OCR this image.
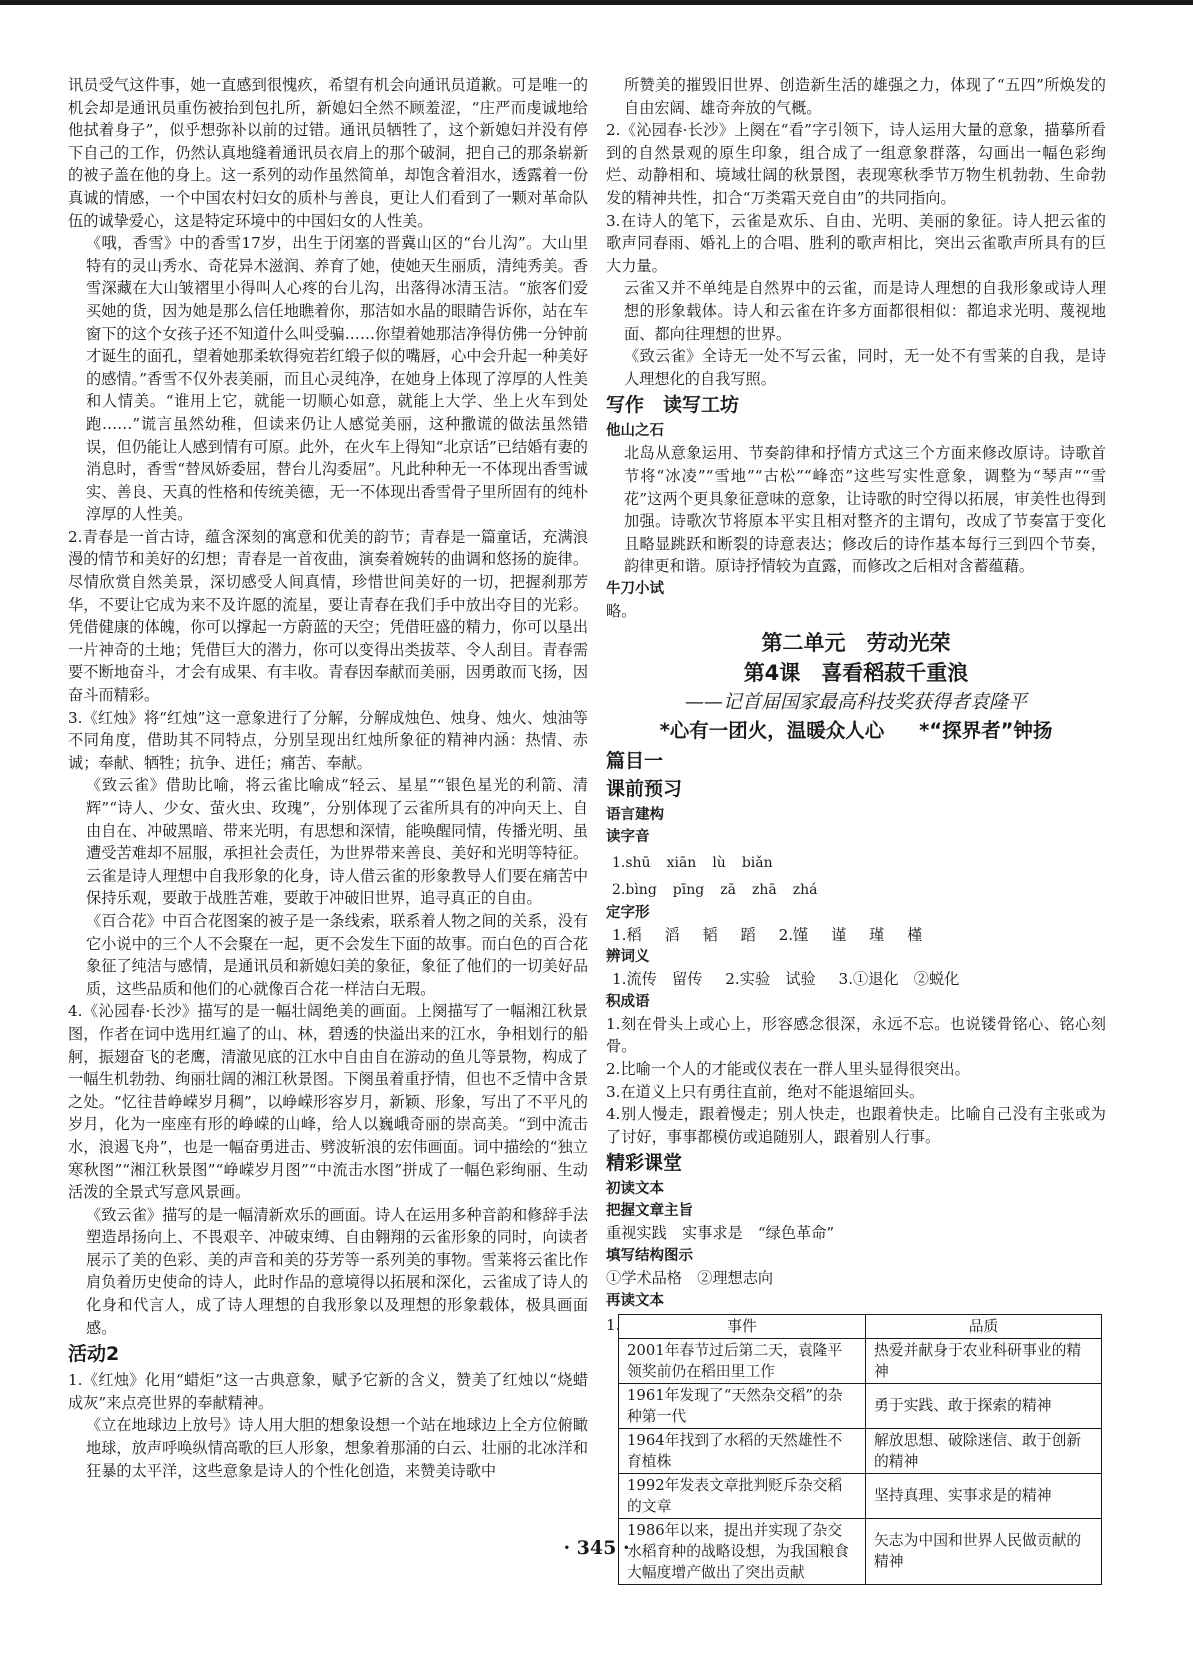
讯员受气这件事，她一直感到很愧疚，希望有机会向通讯员道歉。可是唯一的机会却是通讯员重伤被抬到包扎所，新媳妇全然不顾羞涩，“庄严而虔诚地给他拭着身子”，似乎想弥补以前的过错。通讯员牺牲了，这个新媳妇并没有停下自己的工作，仍然认真地缝着通讯员衣肩上的那个破洞，把自己的那条崭新的被子盖在他的身上。这一系列的动作虽然简单，却饱含着泪水，透露着一份真诚的情感，一个中国农村妇女的质朴与善良，更让人们看到了一颗对革命队伍的诚挚爱心，这是特定环境中的中国妇女的人性美。

《哦，香雪》中的香雪17岁，出生于闭塞的晋冀山区的“台儿沟”。大山里特有的灵山秀水、奇花异木滋润、养育了她，使她天生丽质，清纯秀美。香雪深藏在大山皱褶里小得叫人心疼的台儿沟，出落得冰清玉洁。“旅客们爱买她的货，因为她是那么信任地瞧着你，那洁如水晶的眼睛告诉你，站在车窗下的这个女孩子还不知道什么叫受骗……你望着她那洁净得仿佛一分钟前才诞生的面孔，望着她那柔软得宛若红缎子似的嘴唇，心中会升起一种美好的感情。”香雪不仅外表美丽，而且心灵纯净，在她身上体现了淳厚的人性美和人情美。“谁用上它，就能一切顺心如意，就能上大学、坐上火车到处跑……”谎言虽然幼稚，但读来仍让人感觉美丽，这种撒谎的做法虽然错误，但仍能让人感到情有可原。此外，在火车上得知“北京话”已结婚有妻的消息时，香雪“替凤娇委屈，替台儿沟委屈”。凡此种种无一不体现出香雪诚实、善良、天真的性格和传统美德，无一不体现出香雪骨子里所固有的纯朴淳厚的人性美。

2.青春是一首古诗，蕴含深刻的寓意和优美的韵节；青春是一篇童话，充满浪漫的情节和美好的幻想；青春是一首夜曲，演奏着婉转的曲调和悠扬的旋律。尽情欣赏自然美景，深切感受人间真情，珍惜世间美好的一切，把握刹那芳华，不要让它成为来不及许愿的流星，要让青春在我们手中放出夺目的光彩。凭借健康的体魄，你可以撑起一方蔚蓝的天空；凭借旺盛的精力，你可以垦出一片神奇的土地；凭借巨大的潜力，你可以变得出类拔萃、令人刮目。青春需要不断地奋斗，才会有成果、有丰收。青春因奉献而美丽，因勇敢而飞扬，因奋斗而精彩。

3.《红烛》将“红烛”这一意象进行了分解，分解成烛色、烛身、烛火、烛油等不同角度，借助其不同特点，分别呈现出红烛所象征的精神内涵：热情、赤诚；奉献、牺牲；抗争、进任；痛苦、奉献。

《致云雀》借助比喻，将云雀比喻成“轻云、星星”“银色星光的利箭、清辉”“诗人、少女、萤火虫、玫瑰”，分别体现了云雀所具有的冲向天上、自由自在、冲破黑暗、带来光明，有思想和深情，能唤醒同情，传播光明、虽遭受苦难却不屈服，承担社会责任，为世界带来善良、美好和光明等特征。云雀是诗人理想中自我形象的化身，诗人借云雀的形象教导人们要在痛苦中保持乐观，要敢于战胜苦难，要敢于冲破旧世界，追寻真正的自由。

《百合花》中百合花图案的被子是一条线索，联系着人物之间的关系，没有它小说中的三个人不会聚在一起，更不会发生下面的故事。而白色的百合花象征了纯洁与感情，是通讯员和新媳妇美的象征，象征了他们的一切美好品质，这些品质和他们的心就像百合花一样洁白无瑕。

4.《沁园春·长沙》描写的是一幅壮阔绝美的画面。上阕描写了一幅湘江秋景图，作者在词中选用红遍了的山、林，碧透的快溢出来的江水，争相划行的船舸，振翅奋飞的老鹰，清澈见底的江水中自由自在游动的鱼儿等景物，构成了一幅生机勃勃、绚丽壮阔的湘江秋景图。下阕虽着重抒情，但也不乏情中含景之处。“忆往昔峥嵘岁月稠”，以峥嵘形容岁月，新颖、形象，写出了不平凡的岁月，化为一座座有形的峥嵘的山峰，给人以巍峨奇丽的崇高美。“到中流击水，浪遏飞舟”，也是一幅奋勇进击、劈波斩浪的宏伟画面。词中描绘的“独立寒秋图”“湘江秋景图”“峥嵘岁月图”“中流击水图”拼成了一幅色彩绚丽、生动活泼的全景式写意风景画。

《致云雀》描写的是一幅清新欢乐的画面。诗人在运用多种音韵和修辞手法塑造昂扬向上、不畏艰辛、冲破束缚、自由翱翔的云雀形象的同时，向读者展示了美的色彩、美的声音和美的芬芳等一系列美的事物。雪莱将云雀比作肩负着历史使命的诗人，此时作品的意境得以拓展和深化，云雀成了诗人的化身和代言人，成了诗人理想的自我形象以及理想的形象载体，极具画面感。

活动2

1.《红烛》化用“蜡炬”这一古典意象，赋予它新的含义，赞美了红烛以“烧蜡成灰”来点亮世界的奉献精神。

《立在地球边上放号》诗人用大胆的想象设想一个站在地球边上全方位俯瞰地球，放声呼唤纵情高歌的巨人形象，想象着那涌的白云、壮丽的北冰洋和狂暴的太平洋，这些意象是诗人的个性化创造，来赞美诗歌中

所赞美的摧毁旧世界、创造新生活的雄强之力，体现了“五四”所焕发的自由宏阔、雄奇奔放的气概。

2.《沁园春·长沙》上阕在“看”字引领下，诗人运用大量的意象，描摹所看到的自然景观的原生印象，组合成了一组意象群落，勾画出一幅色彩绚烂、动静相和、境域壮阔的秋景图，表现寒秋季节万物生机勃勃、生命勃发的精神共性，扣合“万类霜天竞自由”的共同指向。

3.在诗人的笔下，云雀是欢乐、自由、光明、美丽的象征。诗人把云雀的歌声同春雨、婚礼上的合唱、胜利的歌声相比，突出云雀歌声所具有的巨大力量。

云雀又并不单纯是自然界中的云雀，而是诗人理想的自我形象或诗人理想的形象载体。诗人和云雀在许多方面都很相似：都追求光明、蔑视地面、都向往理想的世界。

《致云雀》全诗无一处不写云雀，同时，无一处不有雪莱的自我，是诗人理想化的自我写照。

写作　读写工坊
他山之石

北岛从意象运用、节奏韵律和抒情方式这三个方面来修改原诗。诗歌首节将“冰凌”“雪地”“古松”“峰峦”这些写实性意象，调整为“琴声”“雪花”这两个更具象征意味的意象，让诗歌的时空得以拓展，审美性也得到加强。诗歌次节将原本平实且相对整齐的主谓句，改成了节奏富于变化且略显跳跃和断裂的诗意表达；修改后的诗作基本每行三到四个节奏，韵律更和谐。原诗抒情较为直露，而修改之后相对含蓄蕴藉。

牛刀小试

略。

第二单元　劳动光荣
第4课　喜看稻菽千重浪
——记首届国家最高科技奖获得者袁隆平
*心有一团火，温暖众人心 *“探界者”钟扬
篇目一
课前预习
语言建构
读字音
1.shū xiān lù biǎn
2.bìng pīng zā zhā zhá
定字形
1.稻 滔 韬 蹈 2.馑 谨 瑾 槿
辨词义
1.流传　留传 2.实验　试验 3.①退化　②蜕化
积成语

1.刻在骨头上或心上，形容感念很深，永远不忘。也说镂骨铭心、铭心刻骨。

2.比喻一个人的才能或仪表在一群人里头显得很突出。

3.在道义上只有勇往直前，绝对不能退缩回头。

4.别人慢走，跟着慢走；别人快走，也跟着快走。比喻自己没有主张或为了讨好，事事都模仿或追随别人，跟着别人行事。

精彩课堂
初读文本
把握文章主旨

重视实践　实事求是　“绿色革命”

填写结构图示

①学术品格　②理想志向

再读文本
1.	事件	品质
2001年春节过后第二天，袁隆平领奖前仍在稻田里工作	热爱并献身于农业科研事业的精神
1961年发现了“天然杂交稻”的杂种第一代	勇于实践、敢于探索的精神
1964年找到了水稻的天然雄性不育植株	解放思想、破除迷信、敢于创新的精神
1992年发表文章批判贬斥杂交稻的文章	坚持真理、实事求是的精神
1986年以来，提出并实现了杂交水稻育种的战略设想，为我国粮食大幅度增产做出了突出贡献	矢志为中国和世界人民做贡献的精神
· 345 ·
